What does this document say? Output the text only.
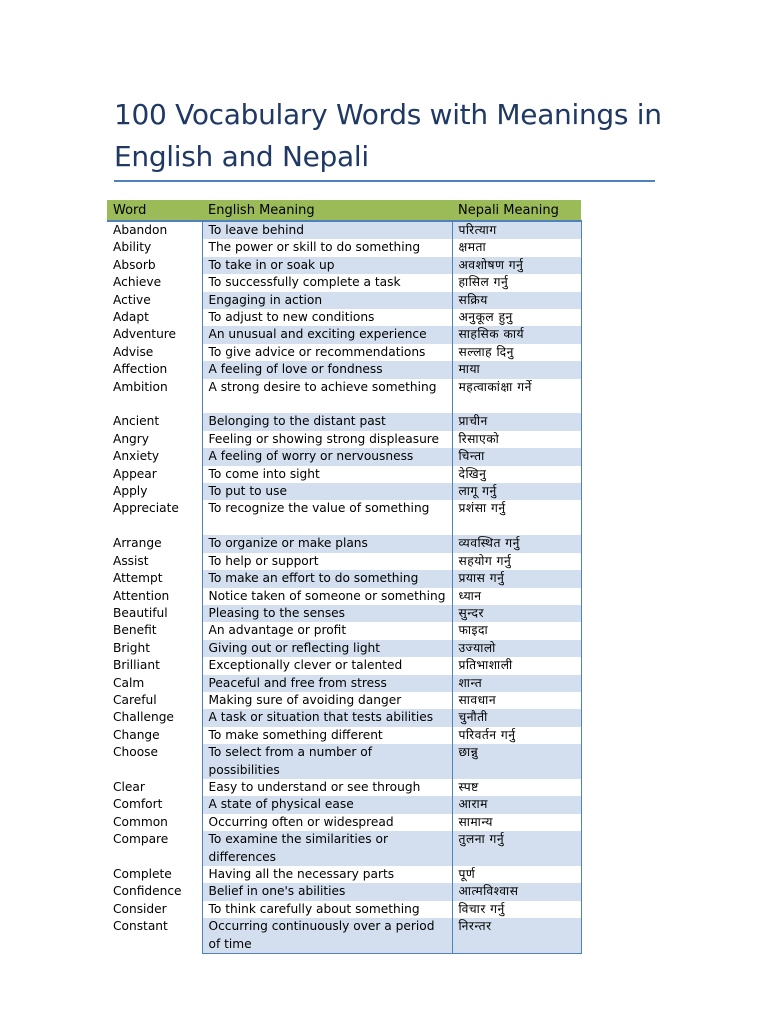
100 Vocabulary Words with Meanings in English and Nepali
Word	English Meaning	Nepali Meaning
Abandon	To leave behind	परित्याग
Ability	The power or skill to do something	क्षमता
Absorb	To take in or soak up	अवशोषण गर्नु
Achieve	To successfully complete a task	हासिल गर्नु
Active	Engaging in action	सक्रिय
Adapt	To adjust to new conditions	अनुकूल हुनु
Adventure	An unusual and exciting experience	साहसिक कार्य
Advise	To give advice or recommendations	सल्लाह दिनु
Affection	A feeling of love or fondness	माया
Ambition	A strong desire to achieve something	महत्वाकांक्षा गर्ने
Ancient	Belonging to the distant past	प्राचीन
Angry	Feeling or showing strong displeasure	रिसाएको
Anxiety	A feeling of worry or nervousness	चिन्ता
Appear	To come into sight	देखिनु
Apply	To put to use	लागू गर्नु
Appreciate	To recognize the value of something	प्रशंसा गर्नु
Arrange	To organize or make plans	व्यवस्थित गर्नु
Assist	To help or support	सहयोग गर्नु
Attempt	To make an effort to do something	प्रयास गर्नु
Attention	Notice taken of someone or something	ध्यान
Beautiful	Pleasing to the senses	सुन्दर
Benefit	An advantage or profit	फाइदा
Bright	Giving out or reflecting light	उज्यालो
Brilliant	Exceptionally clever or talented	प्रतिभाशाली
Calm	Peaceful and free from stress	शान्त
Careful	Making sure of avoiding danger	सावधान
Challenge	A task or situation that tests abilities	चुनौती
Change	To make something different	परिवर्तन गर्नु
Choose	To select from a number of possibilities	छान्नु
Clear	Easy to understand or see through	स्पष्ट
Comfort	A state of physical ease	आराम
Common	Occurring often or widespread	सामान्य
Compare	To examine the similarities or differences	तुलना गर्नु
Complete	Having all the necessary parts	पूर्ण
Confidence	Belief in one's abilities	आत्मविश्वास
Consider	To think carefully about something	विचार गर्नु
Constant	Occurring continuously over a period of time	निरन्तर
